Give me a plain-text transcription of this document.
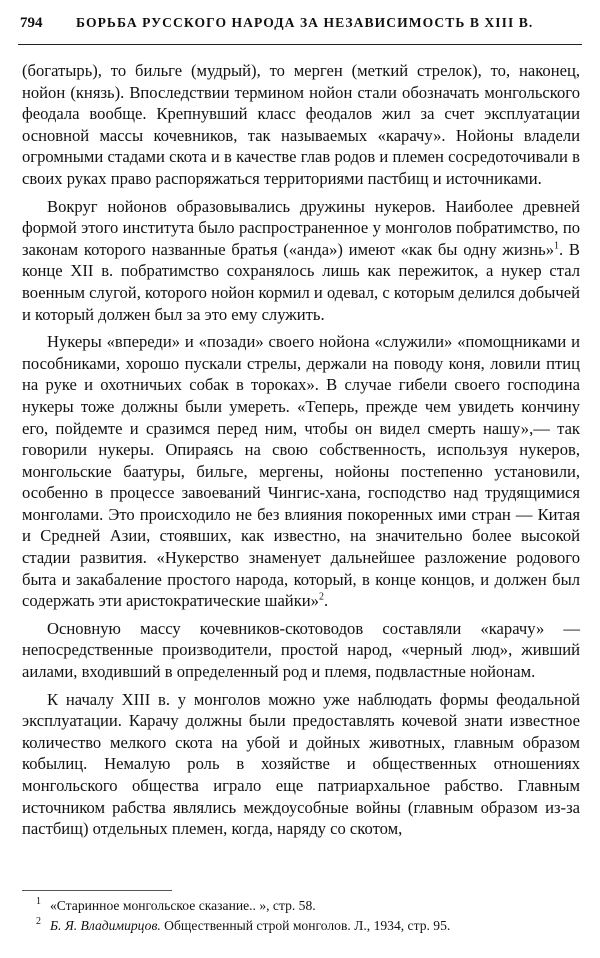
794	БОРЬБА РУССКОГО НАРОДА ЗА НЕЗАВИСИМОСТЬ В XIII В.

(богатырь), то бильге (мудрый), то мерген (меткий стрелок), то, наконец, нойон (князь). Впоследствии термином нойон стали обозначать монгольского феодала вообще. Крепнувший класс феодалов жил за счет эксплуатации основной массы кочевников, так называемых «карачу». Нойоны владели огромными стадами скота и в качестве глав родов и племен сосредоточивали в своих руках право распоряжаться территориями пастбищ и источниками.

Вокруг нойонов образовывались дружины нукеров. Наиболее древней формой этого института было распространенное у монголов побратимство, по законам которого названные братья («анда») имеют «как бы одну жизнь»$^1$. В конце XII в. побратимство сохранялось лишь как пережиток, а нукер стал военным слугой, которого нойон кормил и одевал, с которым делился добычей и который должен был за это ему служить.

Нукеры «впереди» и «позади» своего нойона «служили» «помощниками и пособниками, хорошо пускали стрелы, держали на поводу коня, ловили птиц на руке и охотничьих собак в тороках». В случае гибели своего господина нукеры тоже должны были умереть. «Теперь, прежде чем увидеть кончину его, пойдемте и сразимся перед ним, чтобы он видел смерть нашу»,— так говорили нукеры. Опираясь на свою собственность, используя нукеров, монгольские баатуры, бильге, мергены, нойоны постепенно установили, особенно в процессе завоеваний Чингис-хана, господство над трудящимися монголами. Это происходило не без влияния покоренных ими стран — Китая и Средней Азии, стоявших, как известно, на значительно более высокой стадии развития. «Нукерство знаменует дальнейшее разложение родового быта и закабаление простого народа, который, в конце концов, и должен был содержать эти аристократические шайки»$^2$.

Основную массу кочевников-скотоводов составляли «карачу» — непосредственные производители, простой народ, «черный люд», живший аилами, входивший в определенный род и племя, подвластные нойонам.

К началу XIII в. у монголов можно уже наблюдать формы феодальной эксплуатации. Карачу должны были предоставлять кочевой знати известное количество мелкого скота на убой и дойных животных, главным образом кобылиц. Немалую роль в хозяйстве и общественных отношениях монгольского общества играло еще патриархальное рабство. Главным источником рабства являлись междоусобные войны (главным образом из-за пастбищ) отдельных племен, когда, наряду со скотом,

1 «Старинное монгольское сказание.. », стр. 58.
2 Б. Я. Владимирцов. Общественный строй монголов. Л., 1934, стр. 95.
